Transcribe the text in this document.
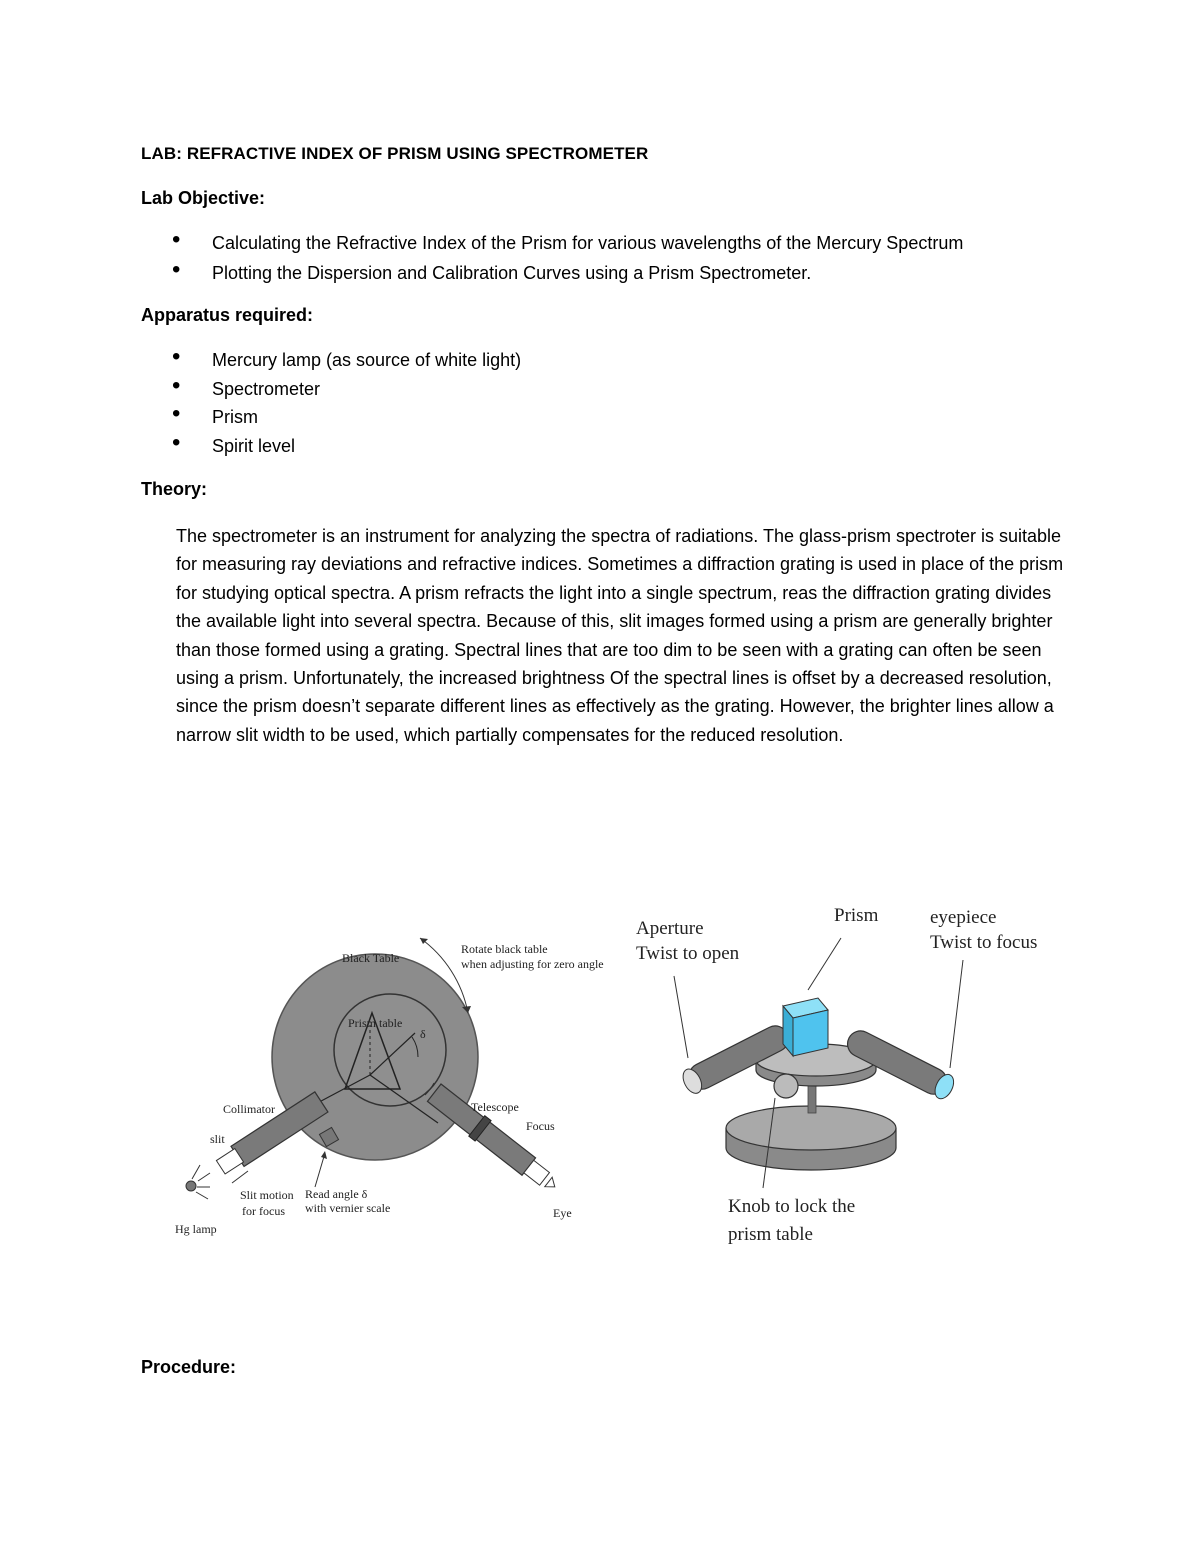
LAB: REFRACTIVE INDEX OF PRISM USING SPECTROMETER
Lab Objective:
• Calculating the Refractive Index of the Prism for various wavelengths of the Mercury Spectrum
• Plotting the Dispersion and Calibration Curves using a Prism Spectrometer.
Apparatus required:
• Mercury lamp (as source of white light)
• Spectrometer
• Prism
• Spirit level
Theory:

The spectrometer is an instrument for analyzing the spectra of radiations. The glass-prism spectroter is suitable for measuring ray deviations and refractive indices. Sometimes a diffraction grating is used in place of the prism for studying optical spectra. A prism refracts the light into a single spectrum, reas the diffraction grating divides the available light into several spectra. Because of this, slit images formed using a prism are generally brighter than those formed using a grating. Spectral lines that are too dim to be seen with a grating can often be seen using a prism. Unfortunately, the increased brightness Of the spectral lines is offset by a decreased resolution, since the prism doesn’t separate different lines as effectively as the grating. However, the brighter lines allow a narrow slit width to be used, which partially compensates for the reduced resolution.

Black Table
Rotate black table
when adjusting for zero angle
Prism table
δ
Collimator
slit
Telescope
Focus
Slit motion
for focus
Read angle δ
with vernier scale
Hg lamp
Eye
Aperture
Twist to open
Prism	eyepiece
Twist to focus
Knob to lock the
prism table
Procedure:
